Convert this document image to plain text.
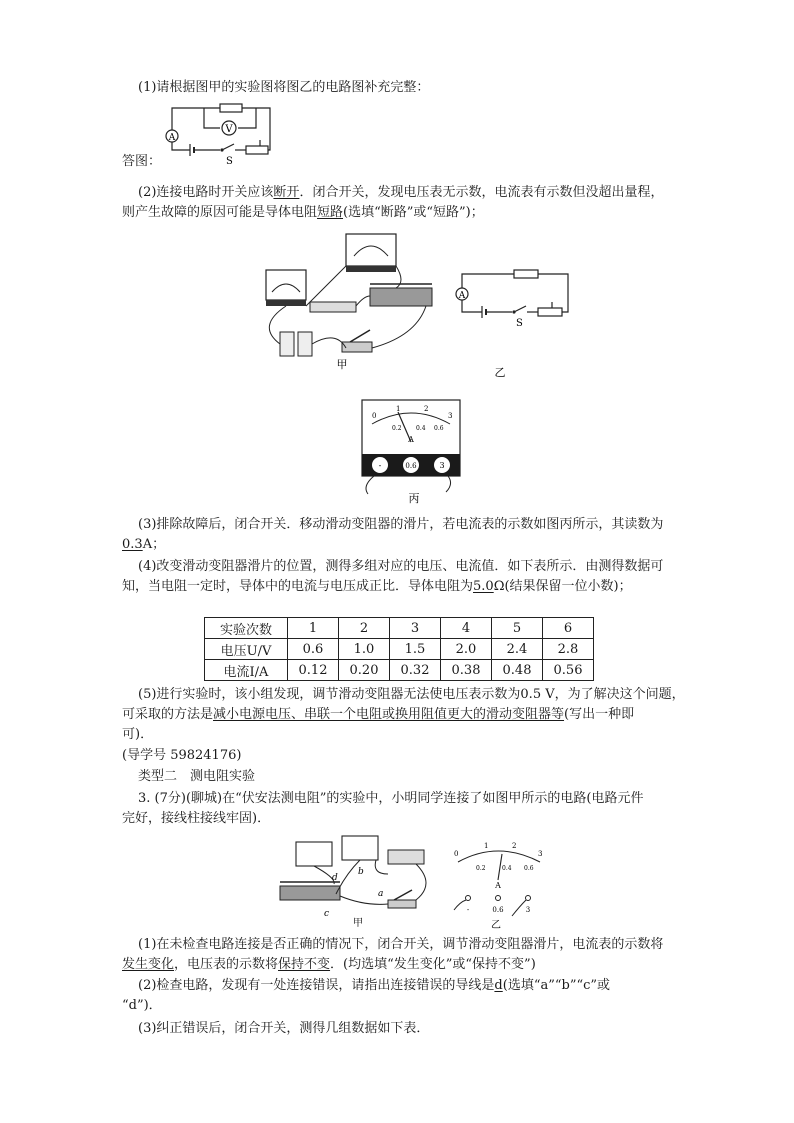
(1)请根据图甲的实验图将图乙的电路图补充完整：
V
A
S
答图：
(2)连接电路时开关应该断开．闭合开关，发现电压表无示数，电流表有示数但没超出量程，
则产生故障的原因可能是导体电阻短路(选填“断路”或“短路”)；
甲
A
S
乙
0
1	2
3
0.2 0.4 0.6
A
-	0.6	3
丙
(3)排除故障后，闭合开关．移动滑动变阻器的滑片，若电流表的示数如图丙所示，其读数为
0.3A；
(4)改变滑动变阻器滑片的位置，测得多组对应的电压、电流值．如下表所示．由测得数据可
知，当电阻一定时，导体中的电流与电压成正比．导体电阻为5.0Ω(结果保留一位小数)；
实验次数	1	2	3	4	5	6
电压U/V	0.6	1.0	1.5	2.0	2.4	2.8
电流I/A	0.12	0.20	0.32	0.38	0.48	0.56
(5)进行实验时，该小组发现，调节滑动变阻器无法使电压表示数为0.5 V，为了解决这个问题，
可采取的方法是减小电源电压、串联一个电阻或换用阻值更大的滑动变阻器等(写出一种即
可)．
(导学号 59824176)
类型二　测电阻实验
3. (7分)(聊城)在“伏安法测电阻”的实验中，小明同学连接了如图甲所示的电路(电路元件
完好，接线柱接线牢固)．
b
a
c
d
甲
0
1	2
3
0.2	0.4 0.6
A
-	0.6	3
乙
(1)在未检查电路连接是否正确的情况下，闭合开关，调节滑动变阻器滑片，电流表的示数将
发生变化，电压表的示数将保持不变．(均选填“发生变化”或“保持不变”)
(2)检查电路，发现有一处连接错误，请指出连接错误的导线是d(选填“a”“b”“c”或
“d”)．
(3)纠正错误后，闭合开关，测得几组数据如下表．
